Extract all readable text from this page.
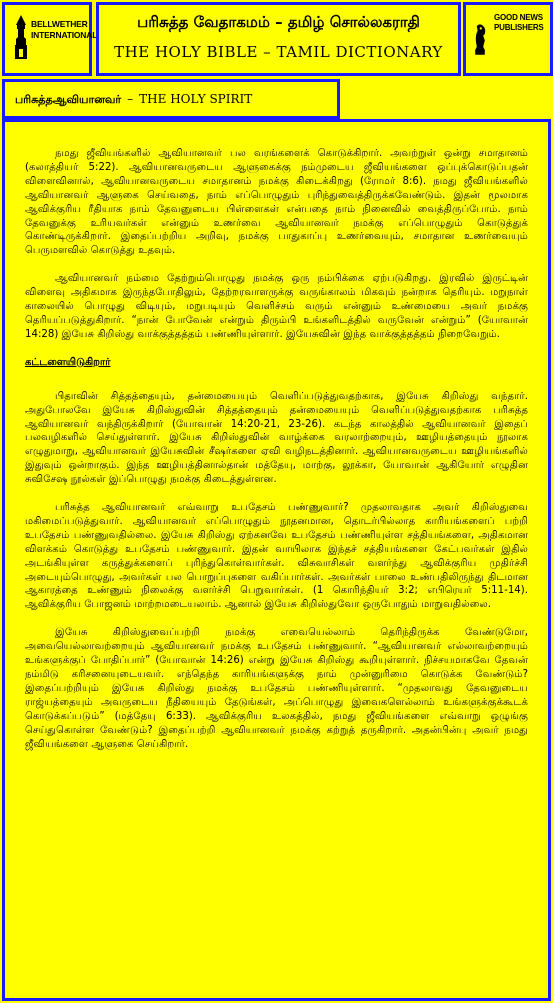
BELLWETHER
INTERNATIONAL
பரிசுத்த வேதாகமம் – தமிழ் சொல்லகராதி
THE HOLY BIBLE – TAMIL DICTIONARY
GOOD NEWS
PUBLISHERS
பரிசுத்தஆவியானவர் – THE HOLY SPIRIT

நமது ஜீவியங்களில் ஆவியானவர் பல வரங்களைக் கொடுக்கிறார். அவற்றுள் ஒன்று சமாதானம் (கலாத்தியர் 5:22). ஆவியானவருடைய ஆளுகைக்கு நம்முடைய ஜீவியங்களை ஒப்புக்கொடுப்பதன் விளைவினால், ஆவியானவருடைய சமாதானம் நமக்கு கிடைக்கிறது (ரோமர் 8:6). நமது ஜீவியங்களில் ஆவியானவர் ஆளுகை செய்வதை, நாம் எப்பொழுதும் புரிந்துவைத்திருக்கவேண்டும். இதன் மூலமாக ஆவிக்குரிய ரீதியாக நாம் தேவனுடைய பிள்ளைகள் என்பதை நாம் நினைவில் வைத்திருப்போம். நாம் தேவனுக்கு உரியவர்கள் என்னும் உணர்வை ஆவியானவர் நமக்கு எப்பொழுதும் கொடுத்துக் கொண்டிருக்கிறார். இதைப்பற்றிய அறிவு, நமக்கு பாதுகாப்பு உணர்வையும், சமாதான உணர்வையும் பெருமளவில் கொடுத்து உதவும்.

ஆவியானவர் நம்மை தேற்றும்பொழுது நமக்கு ஒரு நம்பிக்கை ஏற்படுகிறது. இரவில் இருட்டின் விளைவு அதிகமாக இருந்தபோதிலும், தேற்றரவாளருக்கு வருங்காலம் மிகவும் நன்றாக தெரியும். மறுநாள் காலையில் பொழுது விடியும், மறுபடியும் வெளிச்சம் வரும் என்னும் உண்மையை அவர் நமக்கு தெரியப்படுத்துகிறார். “நான் போவேன் என்றும் திரும்பி உங்களிடத்தில் வருவேன் என்றும்” (யோவான் 14:28) இயேசு கிறிஸ்து வாக்குத்தத்தம் பண்ணியுள்ளார். இயேசுவின் இந்த வாக்குத்தத்தம் நிறைவேறும்.

கட்டளையிடுகிறார்

பிதாவின் சித்தத்தையும், தன்மையையும் வெளிப்படுத்துவதற்காக, இயேசு கிறிஸ்து வந்தார். அதுபோலவே இயேசு கிறிஸ்துவின் சித்தத்தையும் தன்மையையும் வெளிப்படுத்துவதற்காக பரிசுத்த ஆவியானவர் வந்திருக்கிறார் (யோவான் 14:20-21, 23-26). கடந்த காலத்தில் ஆவியானவர் இதைப் பலவழிகளில் செய்துள்ளார். இயேசு கிறிஸ்துவின் வாழ்க்கை வரலாற்றையும், ஊழியத்தையும் நூலாக எழுதுமாறு, ஆவியானவர் இயேசுவின் சீஷர்களை ஏவி வழிநடத்தினார். ஆவியானவருடைய ஊழியங்களில் இதுவும் ஒன்றாகும். இந்த ஊழியத்தினால்தான் மத்தேயு, மாற்கு, லூக்கா, யோவான் ஆகியோர் எழுதின சுவிசேஷ நூல்கள் இப்பொழுது நமக்கு கிடைத்துள்ளன.

பரிசுத்த ஆவியானவர் எவ்வாறு உபதேசம் பண்ணுவார்? முதலாவதாக அவர் கிறிஸ்துவை மகிமைப்படுத்துவார். ஆவியானவர் எப்பொழுதும் நூதனமான, தொடர்பில்லாத காரியங்களைப் பற்றி உபதேசம் பண்ணுவதில்லை. இயேசு கிறிஸ்து ஏற்கனவே உபதேசம் பண்ணியுள்ள சத்தியங்களை, அதிகமான விளக்கம் கொடுத்து உபதேசம் பண்ணுவார். இதன் வாயிலாக இந்தச் சத்தியங்களை கேட்பவர்கள் இதில் அடங்கியுள்ள கருத்துக்களைப் புரிந்துகொள்வார்கள். விசுவாசிகள் வளர்ந்து ஆவிக்குரிய முதிர்ச்சி அடையும்பொழுது, அவர்கள் பல பொறுப்புகளை வகிப்பார்கள். அவர்கள் பாலை உண்பதிலிருந்து திடமான ஆகாரத்தை உண்ணும் நிலைக்கு வளர்ச்சி பெறுவார்கள். (1 கொரிந்தியர் 3:2; எபிரெயர் 5:11-14). ஆவிக்குரிய போஜனம் மாற்றமடையலாம். ஆனால் இயேசு கிறிஸ்துவோ ஒருபோதும் மாறுவதில்லை.

இயேசு கிறிஸ்துவைப்பற்றி நமக்கு எவையெல்லாம் தெரிந்திருக்க வேண்டுமோ, அவையெல்லாவற்றையும் ஆவியானவர் நமக்கு உபதேசம் பண்ணுவார். “ஆவியானவர் எல்லாவற்றையும் உங்களுக்குப் போதிப்பார்” (யோவான் 14:26) என்று இயேசு கிறிஸ்து கூறியுள்ளார். நிச்சயமாகவே தேவன் நம்மிடு கரிசனையுடையவர். எந்தெந்த காரியங்களுக்கு நாம் முன்னுரிமை கொடுக்க வேண்டும்? இதைப்பற்றியும் இயேசு கிறிஸ்து நமக்கு உபதேசம் பண்ணியுள்ளார். “முதலாவது தேவனுடைய ராஜ்யத்தையும் அவருடைய நீதியையும் தேடுங்கள், அப்பொழுது இவைகளெல்லாம் உங்களுக்குக்கூடக் கொடுக்கப்படும்” (மத்தேயு 6:33). ஆவிக்குரிய உலகத்தில், நமது ஜீவியங்களை எவ்வாறு ஒழுங்கு செய்துகொள்ள வேண்டும்? இதைப்பற்றி ஆவியானவர் நமக்கு கற்றுத் தருகிறார். அதன்பின்பு அவர் நமது ஜீவியங்களை ஆளுகை செய்கிறார்.
